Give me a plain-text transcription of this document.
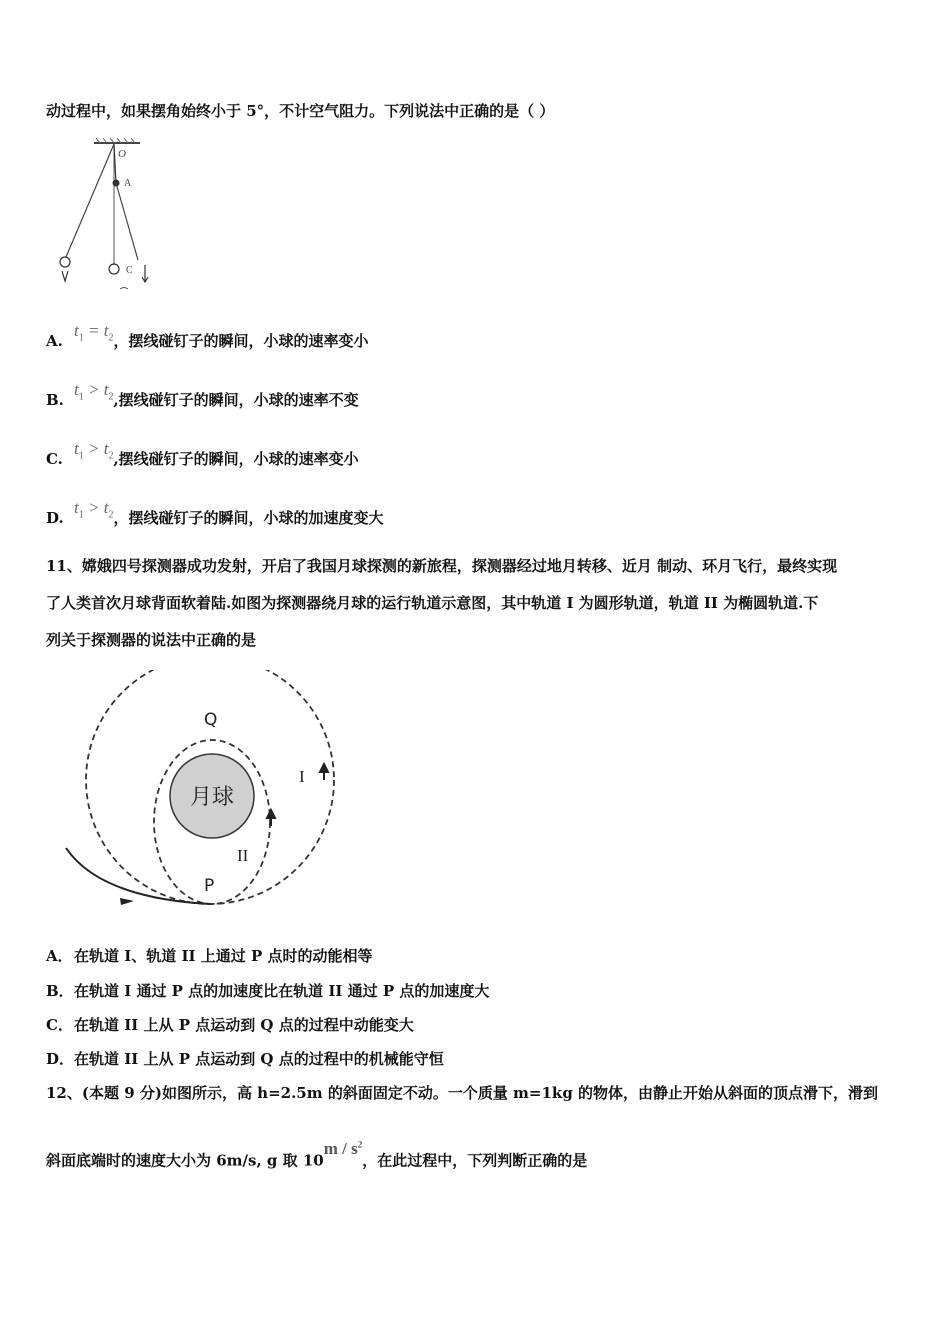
动过程中，如果摆角始终小于 5°，不计空气阻力。下列说法中正确的是（ ）
O
A
C
$A.t_1 = t_2$，摆线碰钉子的瞬间，小球的速率变小
$B.t_1 > t_2$,摆线碰钉子的瞬间，小球的速率不变
$C.t_1 > t_2$,摆线碰钉子的瞬间，小球的速率变小
$D.t_1 > t_2$，摆线碰钉子的瞬间，小球的加速度变大
11、嫦娥四号探测器成功发射，开启了我国月球探测的新旅程，探测器经过地月转移、近月 制动、环月飞行，最终实现
了人类首次月球背面软着陆.如图为探测器绕月球的运行轨道示意图，其中轨道 I 为圆形轨道，轨道 II 为椭圆轨道.下
列关于探测器的说法中正确的是
月球
Q
P
I
II
A．在轨道 I、轨道 II 上通过 P 点时的动能相等
B．在轨道 I 通过 P 点的加速度比在轨道 II 通过 P 点的加速度大
C．在轨道 II 上从 P 点运动到 Q 点的过程中动能变大
D．在轨道 II 上从 P 点运动到 Q 点的过程中的机械能守恒
12、(本题 9 分)如图所示，高 h=2.5m 的斜面固定不动。一个质量 m=1kg 的物体，由静止开始从斜面的顶点滑下，滑到
斜面底端时的速度大小为 6m/s, g 取 $10m / s^2$，在此过程中，下列判断正确的是
